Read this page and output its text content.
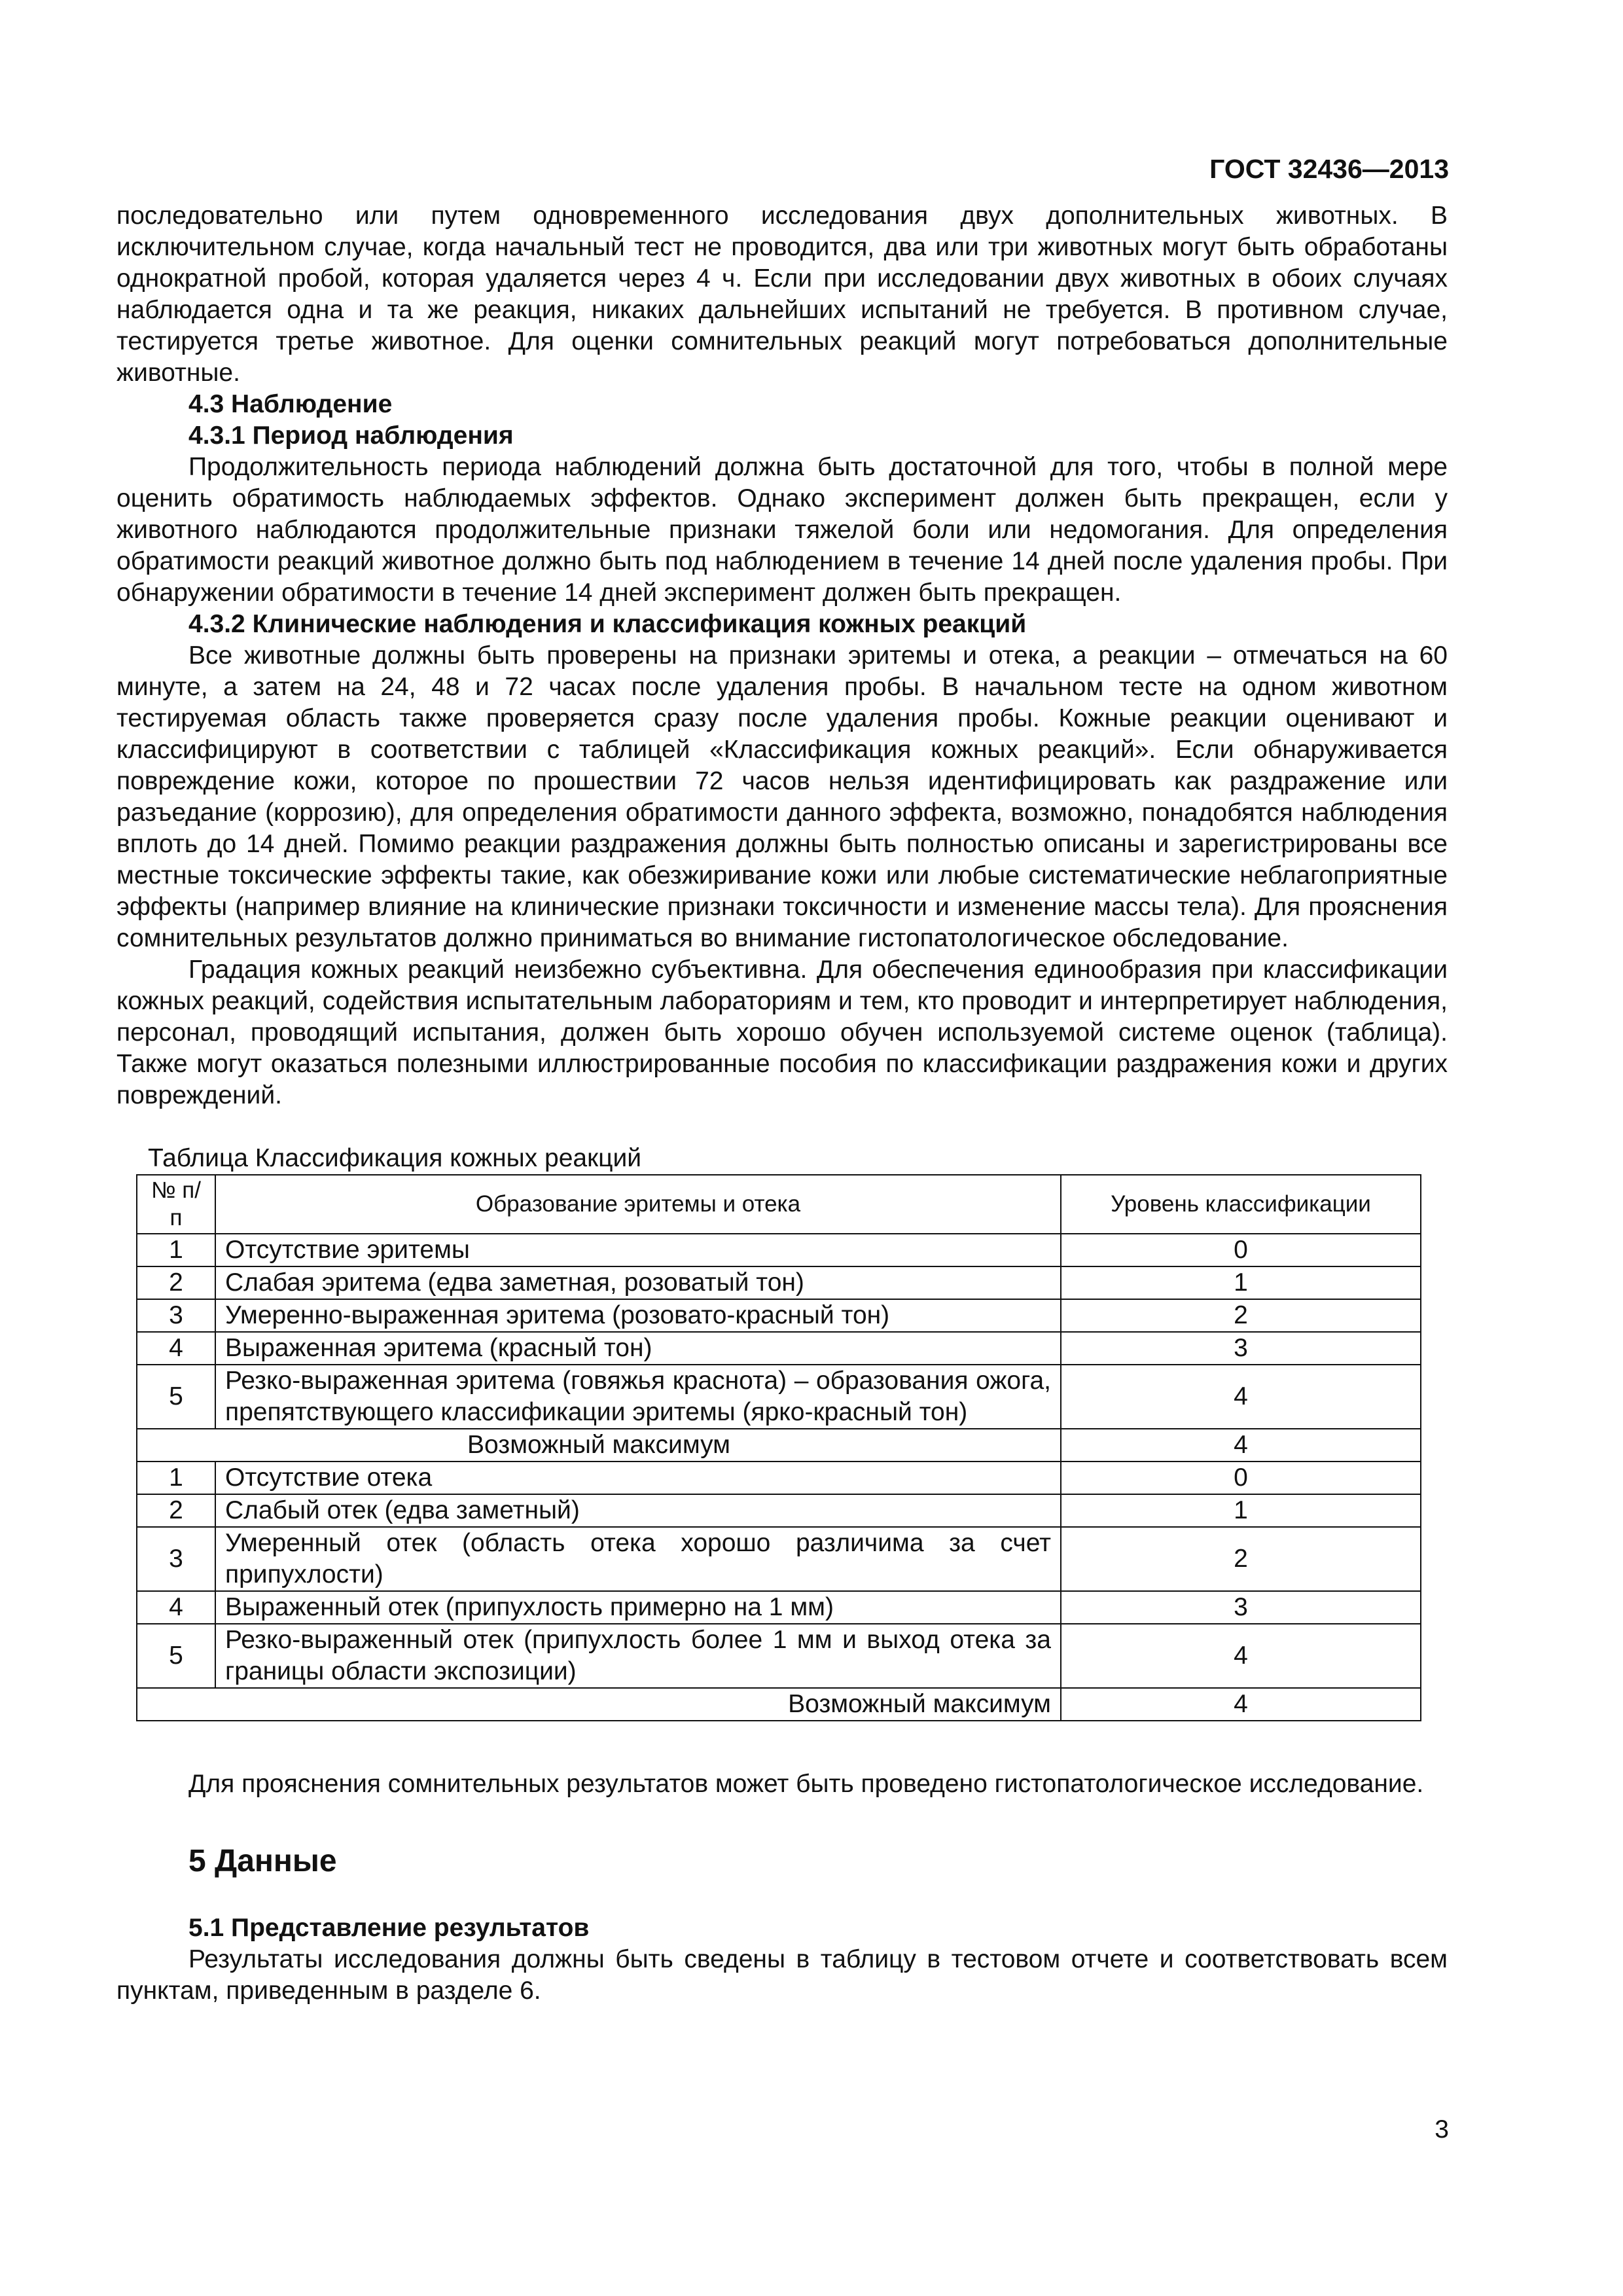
ГОСТ 32436—2013

последовательно или путем одновременного исследования двух дополнительных животных. В исключительном случае, когда начальный тест не проводится, два или три животных могут быть обработаны однократной пробой, которая удаляется через 4 ч. Если при исследовании двух животных в обоих случаях наблюдается одна и та же реакция, никаких дальнейших испытаний не требуется. В противном случае, тестируется третье животное. Для оценки сомнительных реакций могут потребоваться дополнительные животные.

4.3 Наблюдение

4.3.1 Период наблюдения

Продолжительность периода наблюдений должна быть достаточной для того, чтобы в полной мере оценить обратимость наблюдаемых эффектов. Однако эксперимент должен быть прекращен, если у животного наблюдаются продолжительные признаки тяжелой боли или недомогания. Для определения обратимости реакций животное должно быть под наблюдением в течение 14 дней после удаления пробы. При обнаружении обратимости в течение 14 дней эксперимент должен быть прекращен.

4.3.2 Клинические наблюдения и классификация кожных реакций

Все животные должны быть проверены на признаки эритемы и отека, а реакции – отмечаться на 60 минуте, а затем на 24, 48 и 72 часах после удаления пробы. В начальном тесте на одном животном тестируемая область также проверяется сразу после удаления пробы. Кожные реакции оценивают и классифицируют в соответствии с таблицей «Классификация кожных реакций». Если обнаруживается повреждение кожи, которое по прошествии 72 часов нельзя идентифицировать как раздражение или разъедание (коррозию), для определения обратимости данного эффекта, возможно, понадобятся наблюдения вплоть до 14 дней. Помимо реакции раздражения должны быть полностью описаны и зарегистрированы все местные токсические эффекты такие, как обезжиривание кожи или любые систематические неблагоприятные эффекты (например влияние на клинические признаки токсичности и изменение массы тела). Для прояснения сомнительных результатов должно приниматься во внимание гистопатологическое обследование.

Градация кожных реакций неизбежно субъективна. Для обеспечения единообразия при классификации кожных реакций, содействия испытательным лабораториям и тем, кто проводит и интерпретирует наблюдения, персонал, проводящий испытания, должен быть хорошо обучен используемой системе оценок (таблица). Также могут оказаться полезными иллюстрированные пособия по классификации раздражения кожи и других повреждений.

Таблица Классификация кожных реакций
№ п/п	Образование эритемы и отека	Уровень классификации
1	Отсутствие эритемы	0
2	Слабая эритема (едва заметная, розоватый тон)	1
3	Умеренно-выраженная эритема (розовато-красный тон)	2
4	Выраженная эритема (красный тон)	3
5	Резко-выраженная эритема (говяжья краснота) – образования ожога, препятствующего классификации эритемы (ярко-красный тон)	4
Возможный максимум		4
1	Отсутствие отека	0
2	Слабый отек (едва заметный)	1
3	Умеренный отек (область отека хорошо различима за счет припухлости)	2
4	Выраженный отек (припухлость примерно на 1 мм)	3
5	Резко-выраженный отек (припухлость более 1 мм и выход отека за границы области экспозиции)	4
Возможный максимум		4

Для прояснения сомнительных результатов может быть проведено гистопатологическое исследование.

5 Данные
5.1 Представление результатов

Результаты исследования должны быть сведены в таблицу в тестовом отчете и соответствовать всем пунктам, приведенным в разделе 6.

3
